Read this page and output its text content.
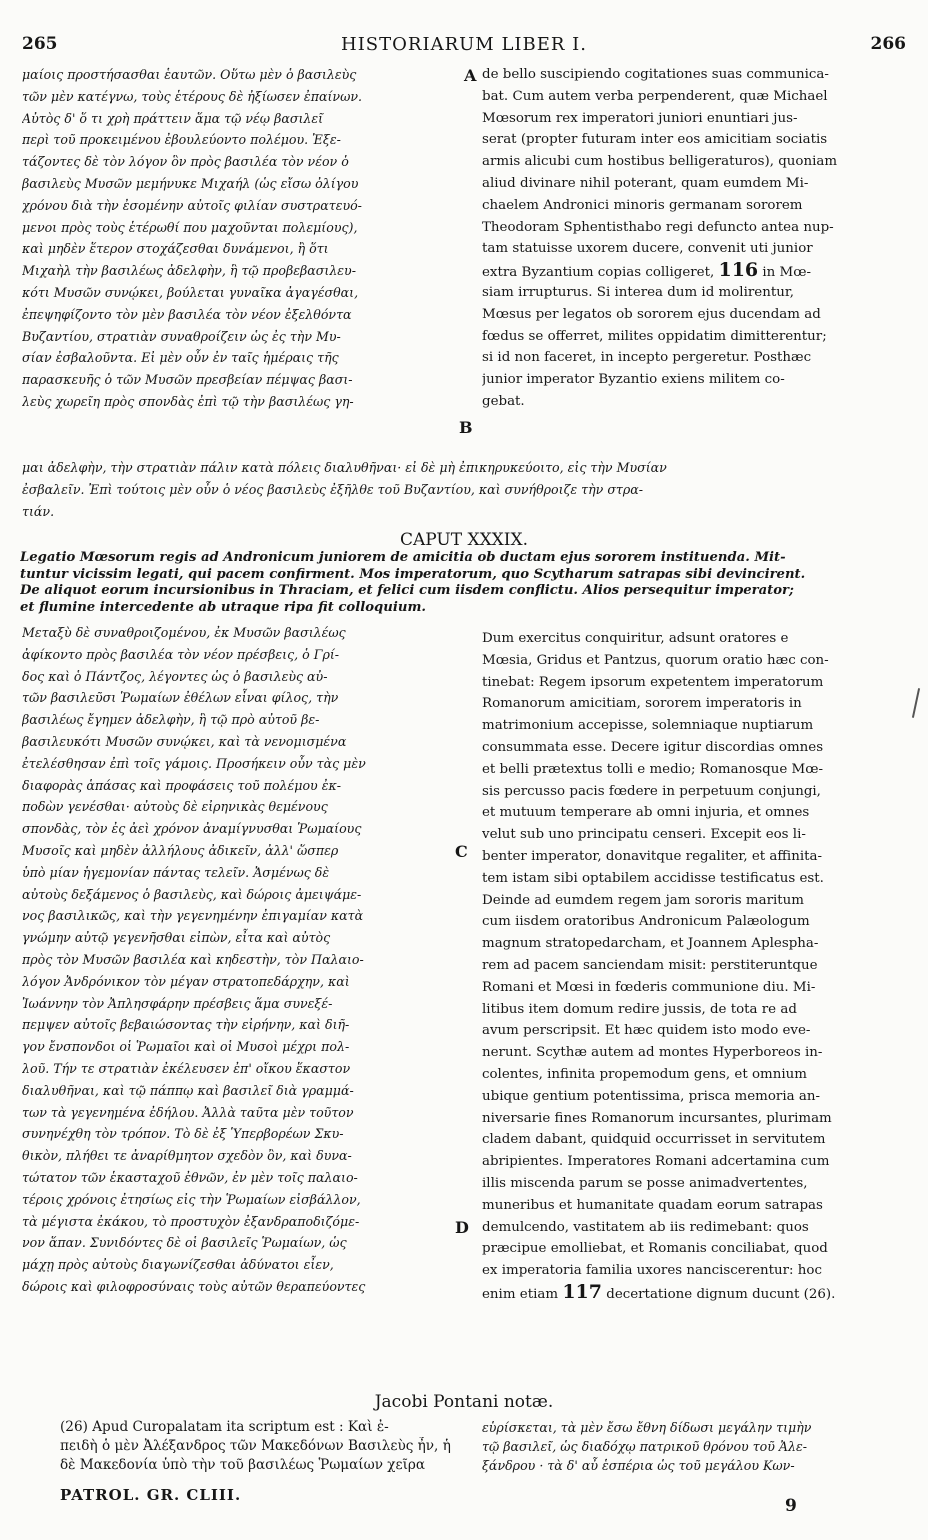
265	HISTORIARUM LIBER I.	266
μαίοις προστήσασθαι ἑαυτῶν. Οὕτω μὲν ὁ βασιλεὺς
τῶν μὲν κατέγνω, τοὺς ἑτέρους δὲ ἠξίωσεν ἐπαίνων.
Αὐτὸς δ' ὅ τι χρὴ πράττειν ἅμα τῷ νέῳ βασιλεῖ
περὶ τοῦ προκειμένου ἐβουλεύοντο πολέμου. Ἐξε-
τάζοντες δὲ τὸν λόγον ὃν πρὸς βασιλέα τὸν νέον ὁ
βασιλεὺς Μυσῶν μεμήνυκε Μιχαήλ (ὡς εἴσω ὀλίγου
χρόνου διὰ τὴν ἐσομένην αὐτοῖς φιλίαν συστρατευό-
μενοι πρὸς τοὺς ἑτέρωθί που μαχοῦνται πολεμίους),
καὶ μηδὲν ἕτερον στοχάζεσθαι δυνάμενοι, ἢ ὅτι
Μιχαὴλ τὴν βασιλέως ἀδελφὴν, ἣ τῷ προβεβασιλευ-
κότι Μυσῶν συνῴκει, βούλεται γυναῖκα ἀγαγέσθαι,
ἐπεψηφίζοντο τὸν μὲν βασιλέα τὸν νέον ἐξελθόντα
Βυζαντίου, στρατιὰν συναθροίζειν ὡς ἐς τὴν Μυ-
σίαν ἐσβαλοῦντα. Εἰ μὲν οὖν ἐν ταῖς ἡμέραις τῆς
παρασκευῆς ὁ τῶν Μυσῶν πρεσβείαν πέμψας βασι-
λεὺς χωρεῖη πρὸς σπονδὰς ἐπὶ τῷ τὴν βασιλέως γη-
de bello suscipiendo cogitationes suas communica-
bat. Cum autem verba perpenderent, quæ Michael
Mœsorum rex imperatori juniori enuntiari jus-
serat (propter futuram inter eos amicitiam sociatis
armis alicubi cum hostibus belligeraturos), quoniam
aliud divinare nihil poterant, quam eumdem Mi-
chaelem Andronici minoris germanam sororem
Theodoram Sphentisthabo regi defuncto antea nup-
tam statuisse uxorem ducere, convenit uti junior
extra Byzantium copias colligeret, 116 in Mœ-
siam irrupturus. Si interea dum id molirentur,
Mœsus per legatos ob sororem ejus ducendam ad
fœdus se offerret, milites oppidatim dimitterentur;
si id non faceret, in incepto pergeretur. Posthæc
junior imperator Byzantio exiens militem co-
gebat.
A
B
μαι ἀδελφὴν, τὴν στρατιὰν πάλιν κατὰ πόλεις διαλυθῆναι· εἰ δὲ μὴ ἐπικηρυκεύοιτο, εἰς τὴν Μυσίαν
ἐσβαλεῖν. Ἐπὶ τούτοις μὲν οὖν ὁ νέος βασιλεὺς ἐξῆλθε τοῦ Βυζαντίου, καὶ συνήθροιζε τὴν στρα-
τιάν.
CAPUT XXXIX.
Legatio Mœsorum regis ad Andronicum juniorem de amicitia ob ductam ejus sororem instituenda. Mit-
tuntur vicissim legati, qui pacem confirment. Mos imperatorum, quo Scytharum satrapas sibi devincirent.
De aliquot eorum incursionibus in Thraciam, et felici cum iisdem conflictu. Alios persequitur imperator;
et flumine intercedente ab utraque ripa fit colloquium.
Μεταξὺ δὲ συναθροιζομένου, ἐκ Μυσῶν βασιλέως
ἀφίκοντο πρὸς βασιλέα τὸν νέον πρέσβεις, ὁ Γρί-
δος καὶ ὁ Πάντζος, λέγοντες ὡς ὁ βασιλεὺς αὐ-
τῶν βασιλεῦσι Ῥωμαίων ἐθέλων εἶναι φίλος, τὴν
βασιλέως ἔγημεν ἀδελφὴν, ἣ τῷ πρὸ αὐτοῦ βε-
βασιλευκότι Μυσῶν συνῴκει, καὶ τὰ νενομισμένα
ἐτελέσθησαν ἐπὶ τοῖς γάμοις. Προσήκειν οὖν τὰς μὲν
διαφορὰς ἁπάσας καὶ προφάσεις τοῦ πολέμου ἐκ-
ποδὼν γενέσθαι· αὐτοὺς δὲ εἰρηνικὰς θεμένους
σπονδὰς, τὸν ἐς ἀεὶ χρόνον ἀναμίγνυσθαι Ῥωμαίους
Μυσοῖς καὶ μηδὲν ἀλλήλους ἀδικεῖν, ἀλλ' ὥσπερ
ὑπὸ μίαν ἡγεμονίαν πάντας τελεῖν. Ἀσμένως δὲ
αὐτοὺς δεξάμενος ὁ βασιλεὺς, καὶ δώροις ἀμειψάμε-
νος βασιλικῶς, καὶ τὴν γεγενημένην ἐπιγαμίαν κατὰ
γνώμην αὐτῷ γεγενῆσθαι εἰπὼν, εἶτα καὶ αὐτὸς
πρὸς τὸν Μυσῶν βασιλέα καὶ κηδεστὴν, τὸν Παλαιο-
λόγον Ἀνδρόνικον τὸν μέγαν στρατοπεδάρχην, καὶ
Ἰωάννην τὸν Ἀπλησφάρην πρέσβεις ἅμα συνεξέ-
πεμψεν αὐτοῖς βεβαιώσοντας τὴν εἰρήνην, καὶ διῆ-
γον ἔνσπονδοι οἱ Ῥωμαῖοι καὶ οἱ Μυσοὶ μέχρι πολ-
λοῦ. Τήν τε στρατιὰν ἐκέλευσεν ἐπ' οἴκου ἕκαστον
διαλυθῆναι, καὶ τῷ πάππῳ καὶ βασιλεῖ διὰ γραμμά-
των τὰ γεγενημένα ἐδήλου. Ἀλλὰ ταῦτα μὲν τοῦτον
συνηνέχθη τὸν τρόπον. Τὸ δὲ ἐξ Ὑπερβορέων Σκυ-
θικὸν, πλήθει τε ἀναρίθμητον σχεδὸν ὂν, καὶ δυνα-
τώτατον τῶν ἑκασταχοῦ ἐθνῶν, ἐν μὲν τοῖς παλαιο-
τέροις χρόνοις ἐτησίως εἰς τὴν Ῥωμαίων εἰσβάλλον,
τὰ μέγιστα ἐκάκου, τὸ προστυχὸν ἐξανδραποδιζόμε-
νον ἅπαν. Συνιδόντες δὲ οἱ βασιλεῖς Ῥωμαίων, ὡς
μάχῃ πρὸς αὐτοὺς διαγωνίζεσθαι ἀδύνατοι εἶεν,
δώροις καὶ φιλοφροσύναις τοὺς αὐτῶν θεραπεύοντες
Dum exercitus conquiritur, adsunt oratores e
Mœsia, Gridus et Pantzus, quorum oratio hæc con-
tinebat: Regem ipsorum expetentem imperatorum
Romanorum amicitiam, sororem imperatoris in
matrimonium accepisse, solemniaque nuptiarum
consummata esse. Decere igitur discordias omnes
et belli prætextus tolli e medio; Romanosque Mœ-
sis percusso pacis fœdere in perpetuum conjungi,
et mutuum temperare ab omni injuria, et omnes
velut sub uno principatu censeri. Excepit eos li-
benter imperator, donavitque regaliter, et affinita-
tem istam sibi optabilem accidisse testificatus est.
Deinde ad eumdem regem jam sororis maritum
cum iisdem oratoribus Andronicum Palæologum
magnum stratopedarcham, et Joannem Aplespha-
rem ad pacem sanciendam misit: perstiteruntque
Romani et Mœsi in fœderis communione diu. Mi-
litibus item domum redire jussis, de tota re ad
avum perscripsit. Et hæc quidem isto modo eve-
nerunt. Scythæ autem ad montes Hyperboreos in-
colentes, infinita propemodum gens, et omnium
ubique gentium potentissima, prisca memoria an-
niversarie fines Romanorum incursantes, plurimam
cladem dabant, quidquid occurrisset in servitutem
abripientes. Imperatores Romani adcertamina cum
illis miscenda parum se posse animadvertentes,
muneribus et humanitate quadam eorum satrapas
demulcendo, vastitatem ab iis redimebant: quos
præcipue emolliebat, et Romanis conciliabat, quod
ex imperatoria familia uxores nanciscerentur: hoc
enim etiam 117 decertatione dignum ducunt (26).
C
D
Jacobi Pontani notæ.
(26) Apud Curopalatam ita scriptum est : Καὶ ἐ-
πειδὴ ὁ μὲν Ἀλέξανδρος τῶν Μακεδόνων Βασιλεὺς ἦν, ἡ
δὲ Μακεδονία ὑπὸ τὴν τοῦ βασιλέως Ῥωμαίων χεῖρα
εὑρίσκεται, τὰ μὲν ἔσω ἔθνη δίδωσι μεγάλην τιμὴν
τῷ βασιλεῖ, ὡς διαδόχῳ πατρικοῦ θρόνου τοῦ Ἀλε-
ξάνδρου · τὰ δ' αὖ ἑσπέρια ὡς τοῦ μεγάλου Κων-
PATROL. GR. CLIII.
9
